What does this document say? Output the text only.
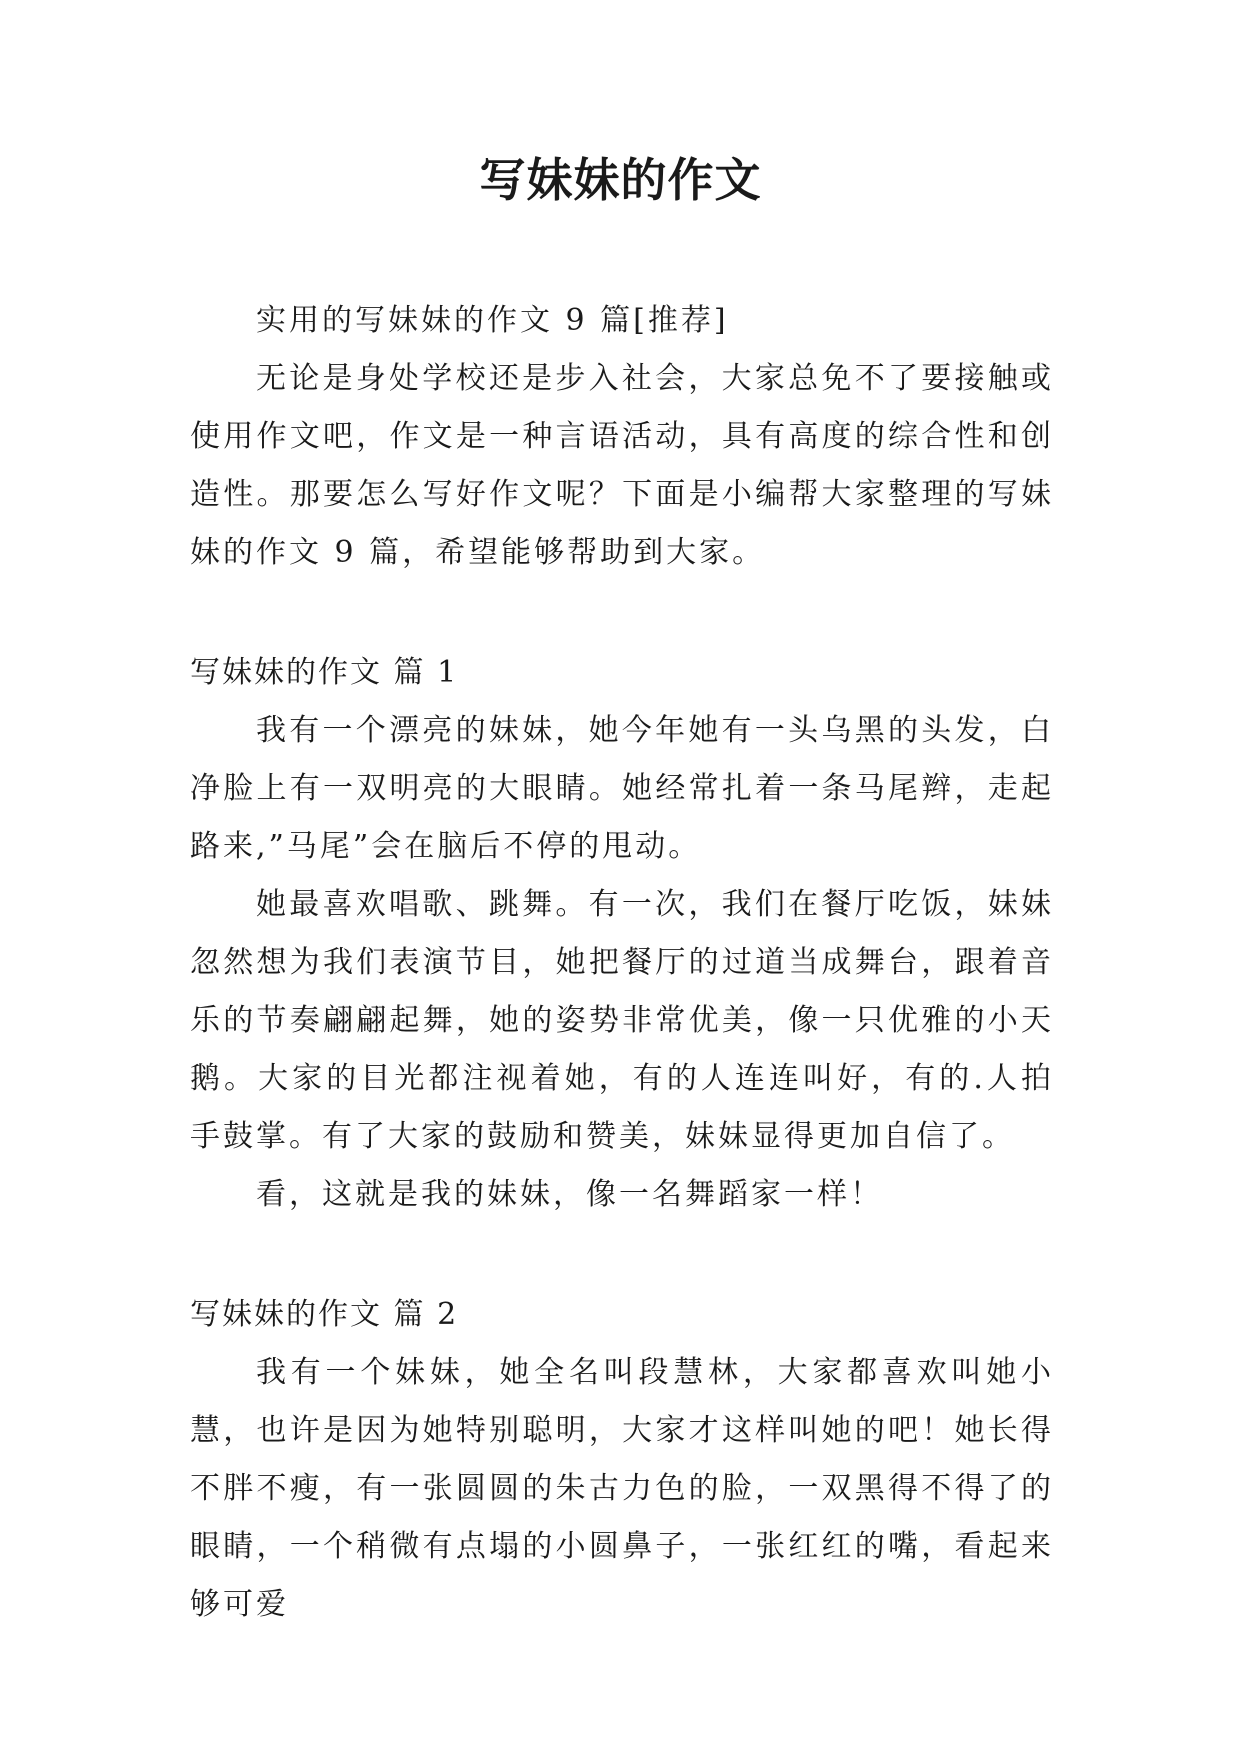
写妹妹的作文

实用的写妹妹的作文 9 篇[推荐]

无论是身处学校还是步入社会，大家总免不了要接触或使用作文吧，作文是一种言语活动，具有高度的综合性和创造性。那要怎么写好作文呢？下面是小编帮大家整理的写妹妹的作文 9 篇，希望能够帮助到大家。

写妹妹的作文 篇 1

我有一个漂亮的妹妹，她今年她有一头乌黑的头发，白净脸上有一双明亮的大眼睛。她经常扎着一条马尾辫，走起路来,”马尾”会在脑后不停的甩动。

她最喜欢唱歌、跳舞。有一次，我们在餐厅吃饭，妹妹忽然想为我们表演节目，她把餐厅的过道当成舞台，跟着音乐的节奏翩翩起舞，她的姿势非常优美，像一只优雅的小天鹅。大家的目光都注视着她，有的人连连叫好，有的.人拍手鼓掌。有了大家的鼓励和赞美，妹妹显得更加自信了。

看，这就是我的妹妹，像一名舞蹈家一样！

写妹妹的作文 篇 2

我有一个妹妹，她全名叫段慧林，大家都喜欢叫她小慧，也许是因为她特别聪明，大家才这样叫她的吧！她长得不胖不瘦，有一张圆圆的朱古力色的脸，一双黑得不得了的眼睛，一个稍微有点塌的小圆鼻子，一张红红的嘴，看起来够可爱
